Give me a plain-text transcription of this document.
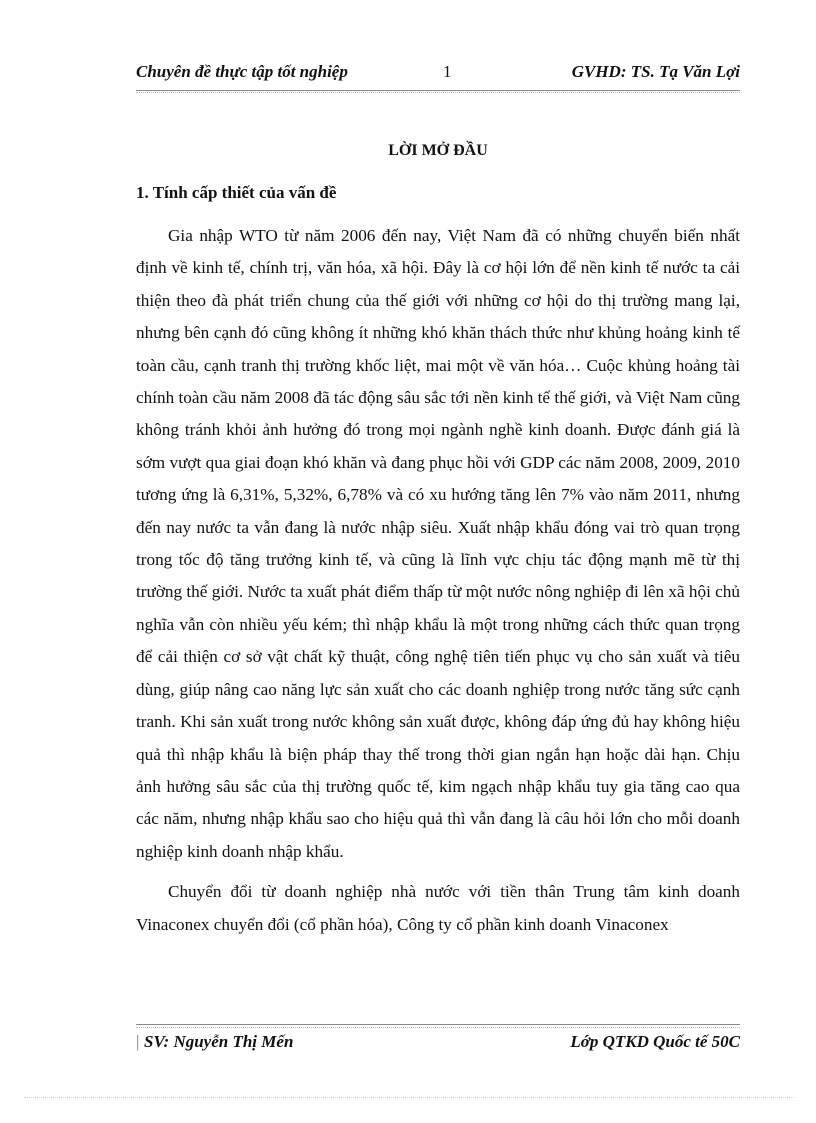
Chuyên đề thực tập tốt nghiệp	1	GVHD: TS. Tạ Văn Lợi
LỜI MỞ ĐẦU
1. Tính cấp thiết của vấn đề

Gia nhập WTO từ năm 2006 đến nay, Việt Nam đã có những chuyển biến nhất định về kinh tế, chính trị, văn hóa, xã hội. Đây là cơ hội lớn để nền kinh tế nước ta cải thiện theo đà phát triển chung của thế giới với những cơ hội do thị trường mang lại, nhưng bên cạnh đó cũng không ít những khó khăn thách thức như khủng hoảng kinh tế toàn cầu, cạnh tranh thị trường khốc liệt, mai một về văn hóa… Cuộc khủng hoảng tài chính toàn cầu năm 2008 đã tác động sâu sắc tới nền kinh tế thế giới, và Việt Nam cũng không tránh khỏi ảnh hưởng đó trong mọi ngành nghề kinh doanh. Được đánh giá là sớm vượt qua giai đoạn khó khăn và đang phục hồi với GDP các năm 2008, 2009, 2010 tương ứng là 6,31%, 5,32%, 6,78% và có xu hướng tăng lên 7% vào năm 2011, nhưng đến nay nước ta vẫn đang là nước nhập siêu. Xuất nhập khẩu đóng vai trò quan trọng trong tốc độ tăng trưởng kinh tế, và cũng là lĩnh vực chịu tác động mạnh mẽ từ thị trường thế giới. Nước ta xuất phát điểm thấp từ một nước nông nghiệp đi lên xã hội chủ nghĩa vẫn còn nhiều yếu kém; thì nhập khẩu là một trong những cách thức quan trọng để cải thiện cơ sở vật chất kỹ thuật, công nghệ tiên tiến phục vụ cho sản xuất và tiêu dùng, giúp nâng cao năng lực sản xuất cho các doanh nghiệp trong nước tăng sức cạnh tranh. Khi sản xuất trong nước không sản xuất được, không đáp ứng đủ hay không hiệu quả thì nhập khẩu là biện pháp thay thế trong thời gian ngắn hạn hoặc dài hạn. Chịu ảnh hưởng sâu sắc của thị trường quốc tế, kim ngạch nhập khẩu tuy gia tăng cao qua các năm, nhưng nhập khẩu sao cho hiệu quả thì vẫn đang là câu hỏi lớn cho mỗi doanh nghiệp kinh doanh nhập khẩu.

Chuyển đổi từ doanh nghiệp nhà nước với tiền thân Trung tâm kinh doanh Vinaconex chuyển đổi (cổ phần hóa), Công ty cổ phần kinh doanh Vinaconex

| SV: Nguyễn Thị Mến	Lớp QTKD Quốc tế 50C
